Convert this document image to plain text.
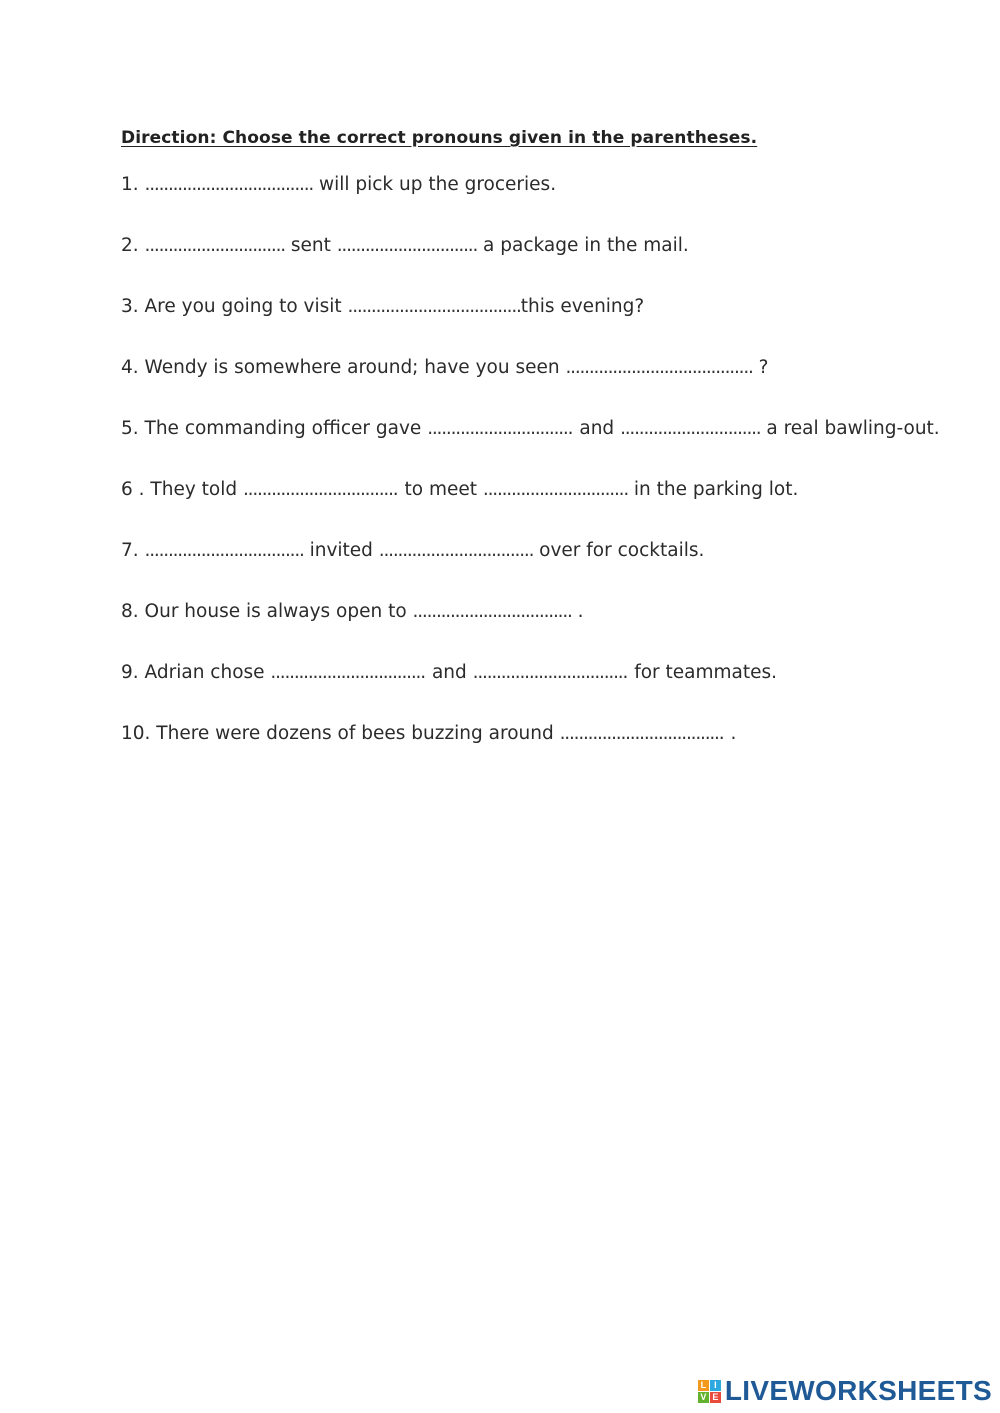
Direction: Choose the correct pronouns given in the parentheses.
1. .................................... will pick up the groceries.
2. .............................. sent .............................. a package in the mail.
3. Are you going to visit .....................................this evening?
4. Wendy is somewhere around; have you seen ........................................ ?
5. The commanding officer gave ............................... and .............................. a real bawling-out.
6 . They told ................................. to meet ............................... in the parking lot.
7. .................................. invited ................................. over for cocktails.
8. Our house is always open to .................................. .
9. Adrian chose ................................. and ................................. for teammates.
10. There were dozens of bees buzzing around ................................... .
L I
V E LIVEWORKSHEETS
